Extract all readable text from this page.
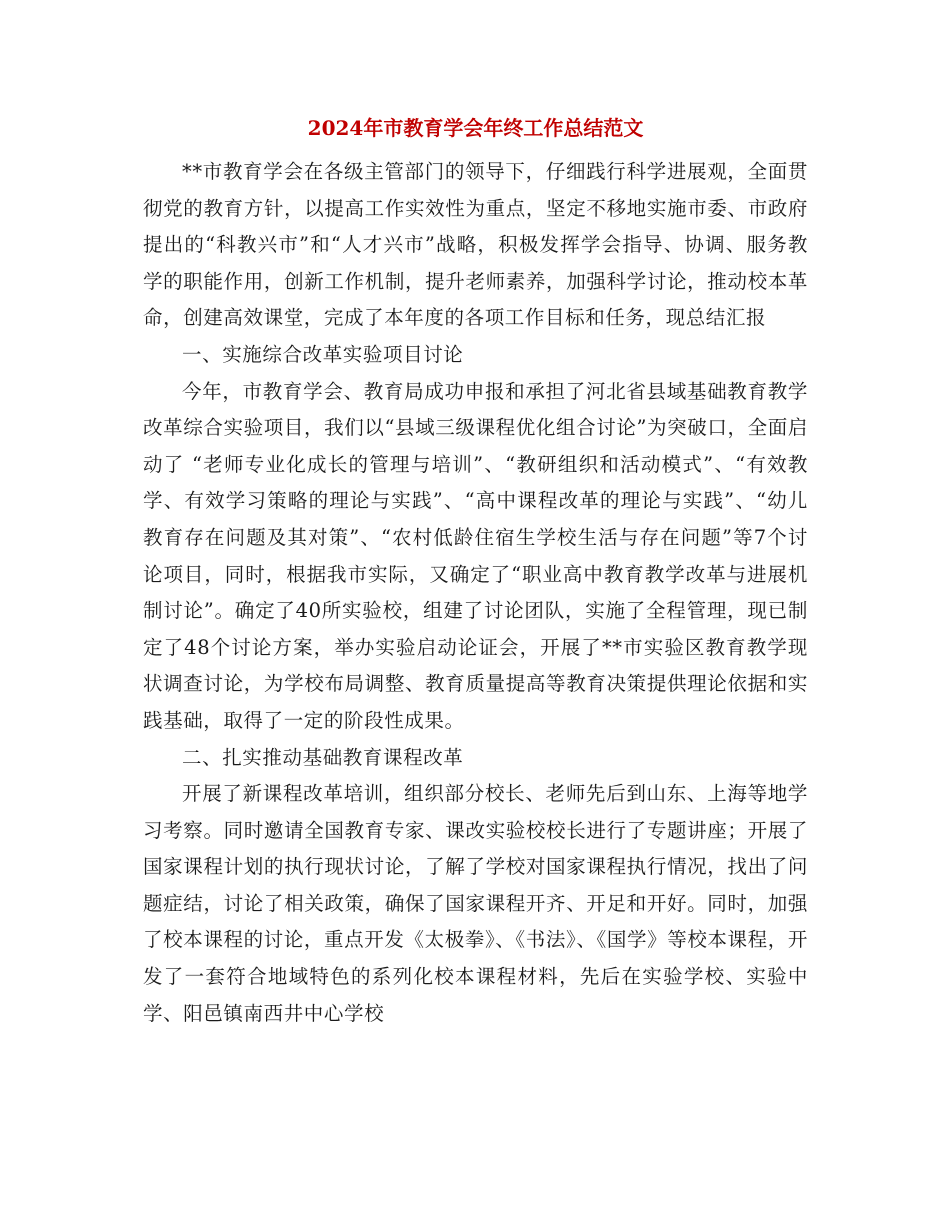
2024年市教育学会年终工作总结范文

**市教育学会在各级主管部门的领导下，仔细践行科学进展观，全面贯彻党的教育方针，以提高工作实效性为重点，坚定不移地实施市委、市政府提出的“科教兴市”和“人才兴市”战略，积极发挥学会指导、协调、服务教学的职能作用，创新工作机制，提升老师素养，加强科学讨论，推动校本革命，创建高效课堂，完成了本年度的各项工作目标和任务，现总结汇报

一、实施综合改革实验项目讨论

今年，市教育学会、教育局成功申报和承担了河北省县域基础教育教学改革综合实验项目，我们以“县域三级课程优化组合讨论”为突破口，全面启动了 “老师专业化成长的管理与培训”、“教研组织和活动模式”、“有效教学、有效学习策略的理论与实践”、“高中课程改革的理论与实践”、“幼儿教育存在问题及其对策”、“农村低龄住宿生学校生活与存在问题”等7个讨论项目，同时，根据我市实际，又确定了“职业高中教育教学改革与进展机制讨论”。确定了40所实验校，组建了讨论团队，实施了全程管理，现已制定了48个讨论方案，举办实验启动论证会，开展了**市实验区教育教学现状调查讨论，为学校布局调整、教育质量提高等教育决策提供理论依据和实践基础，取得了一定的阶段性成果。

二、扎实推动基础教育课程改革

开展了新课程改革培训，组织部分校长、老师先后到山东、上海等地学习考察。同时邀请全国教育专家、课改实验校校长进行了专题讲座；开展了国家课程计划的执行现状讨论，了解了学校对国家课程执行情况，找出了问题症结，讨论了相关政策，确保了国家课程开齐、开足和开好。同时，加强了校本课程的讨论，重点开发《太极拳》、《书法》、《国学》等校本课程，开发了一套符合地域特色的系列化校本课程材料，先后在实验学校、实验中学、阳邑镇南西井中心学校
